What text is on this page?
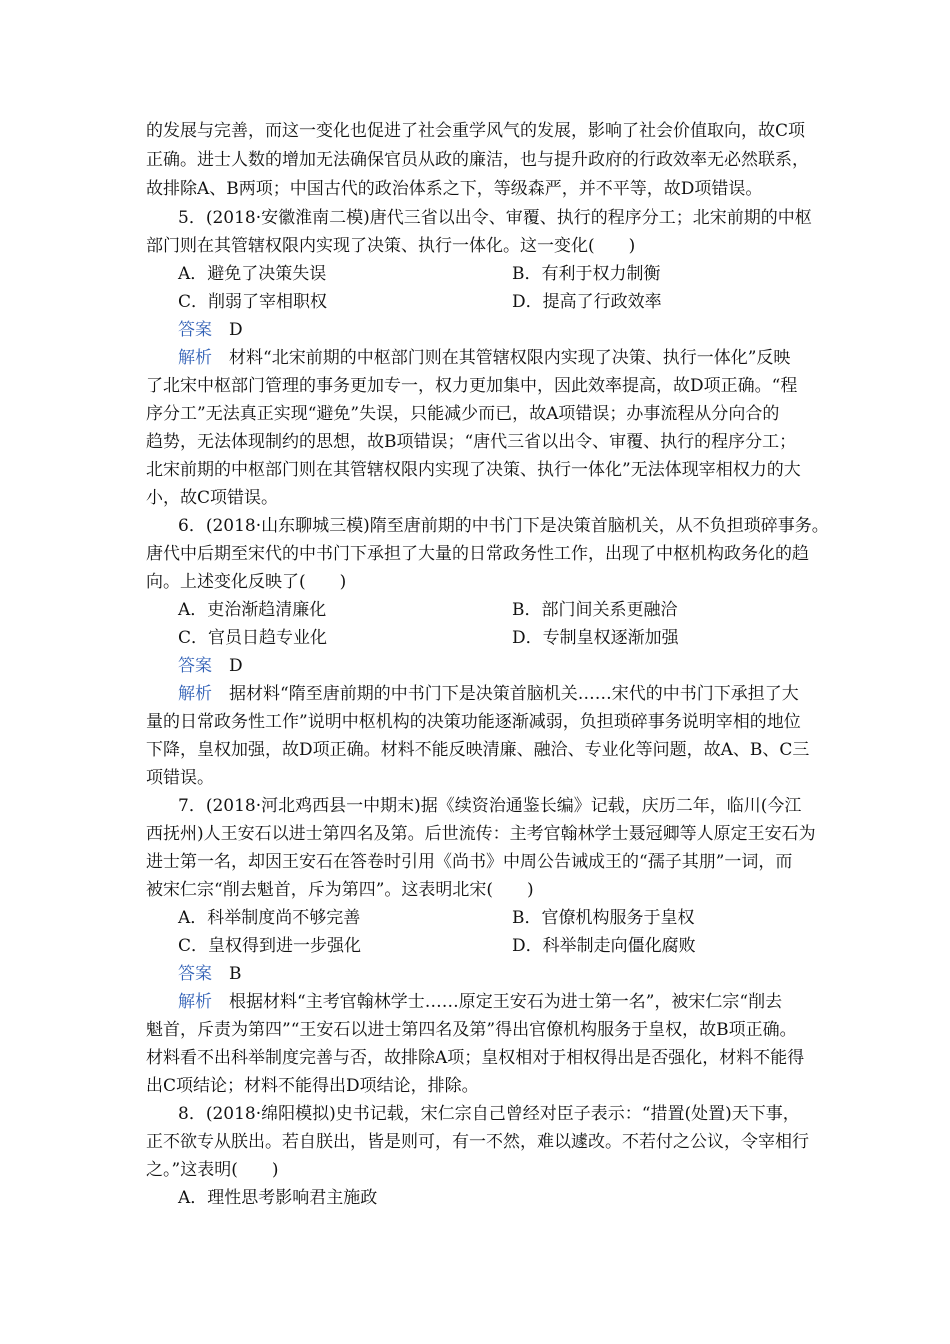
的发展与完善，而这一变化也促进了社会重学风气的发展，影响了社会价值取向，故C项
正确。进士人数的增加无法确保官员从政的廉洁，也与提升政府的行政效率无必然联系，
故排除A、B两项；中国古代的政治体系之下，等级森严，并不平等，故D项错误。
5．(2018·安徽淮南二模)唐代三省以出令、审覆、执行的程序分工；北宋前期的中枢
部门则在其管辖权限内实现了决策、执行一体化。这一变化(　　)
A．避免了决策失误	B．有利于权力制衡
C．削弱了宰相职权	D．提高了行政效率
答案　 D
解析　 材料“北宋前期的中枢部门则在其管辖权限内实现了决策、执行一体化”反映
了北宋中枢部门管理的事务更加专一，权力更加集中，因此效率提高，故D项正确。“程
序分工”无法真正实现“避免”失误，只能减少而已，故A项错误；办事流程从分向合的
趋势，无法体现制约的思想，故B项错误；“唐代三省以出令、审覆、执行的程序分工；
北宋前期的中枢部门则在其管辖权限内实现了决策、执行一体化”无法体现宰相权力的大
小，故C项错误。
6．(2018·山东聊城三模)隋至唐前期的中书门下是决策首脑机关，从不负担琐碎事务。
唐代中后期至宋代的中书门下承担了大量的日常政务性工作，出现了中枢机构政务化的趋
向。上述变化反映了(　　)
A．吏治渐趋清廉化	B．部门间关系更融洽
C．官员日趋专业化	D．专制皇权逐渐加强
答案　 D
解析　 据材料“隋至唐前期的中书门下是决策首脑机关……宋代的中书门下承担了大
量的日常政务性工作”说明中枢机构的决策功能逐渐减弱，负担琐碎事务说明宰相的地位
下降，皇权加强，故D项正确。材料不能反映清廉、融洽、专业化等问题，故A、B、C三
项错误。
7．(2018·河北鸡西县一中期末)据《续资治通鉴长编》记载，庆历二年，临川(今江
西抚州)人王安石以进士第四名及第。后世流传：主考官翰林学士聂冠卿等人原定王安石为
进士第一名，却因王安石在答卷时引用《尚书》中周公告诫成王的“孺子其朋”一词，而
被宋仁宗“削去魁首，斥为第四”。这表明北宋(　　)
A．科举制度尚不够完善	B．官僚机构服务于皇权
C．皇权得到进一步强化	D．科举制走向僵化腐败
答案　 B
解析　 根据材料“主考官翰林学士……原定王安石为进士第一名”，被宋仁宗“削去
魁首，斥责为第四”“王安石以进士第四名及第”得出官僚机构服务于皇权，故B项正确。
材料看不出科举制度完善与否，故排除A项；皇权相对于相权得出是否强化，材料不能得
出C项结论；材料不能得出D项结论，排除。
8．(2018·绵阳模拟)史书记载，宋仁宗自己曾经对臣子表示：“措置(处置)天下事，
正不欲专从朕出。若自朕出，皆是则可，有一不然，难以遽改。不若付之公议，令宰相行
之。”这表明(　　)
A．理性思考影响君主施政
